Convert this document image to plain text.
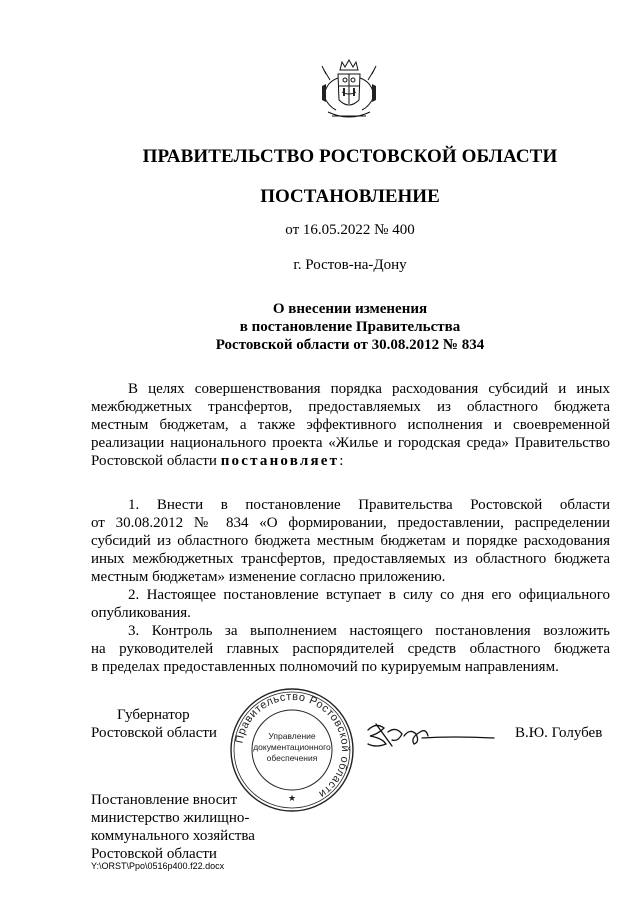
ПРАВИТЕЛЬСТВО РОСТОВСКОЙ ОБЛАСТИ
ПОСТАНОВЛЕНИЕ
от 16.05.2022 № 400
г. Ростов-на-Дону
О внесении изменения
в постановление Правительства
Ростовской области от 30.08.2012 № 834
В целях совершенствования порядка расходования субсидий и иных
межбюджетных трансфертов, предоставляемых из областного бюджета
местным бюджетам, а также эффективного исполнения и своевременной
реализации национального проекта «Жилье и городская среда» Правительство
Ростовской области постановляет:
1. Внести в постановление Правительства Ростовской области
от 30.08.2012 № 834 «О формировании, предоставлении, распределении
субсидий из областного бюджета местным бюджетам и порядке расходования
иных межбюджетных трансфертов, предоставляемых из областного бюджета
местным бюджетам» изменение согласно приложению.
2. Настоящее постановление вступает в силу со дня его официального
опубликования.
3. Контроль за выполнением настоящего постановления возложить
на руководителей главных распорядителей средств областного бюджета
в пределах предоставленных полномочий по курируемым направлениям.
Губернатор
Ростовской области Правительство Ростовской области
Управление
документационного
обеспечения
★
В.Ю. Голубев
Постановление вносит
министерство жилищно-
коммунального хозяйства
Ростовской области
Y:\ORST\Ppo\0516p400.f22.docx
